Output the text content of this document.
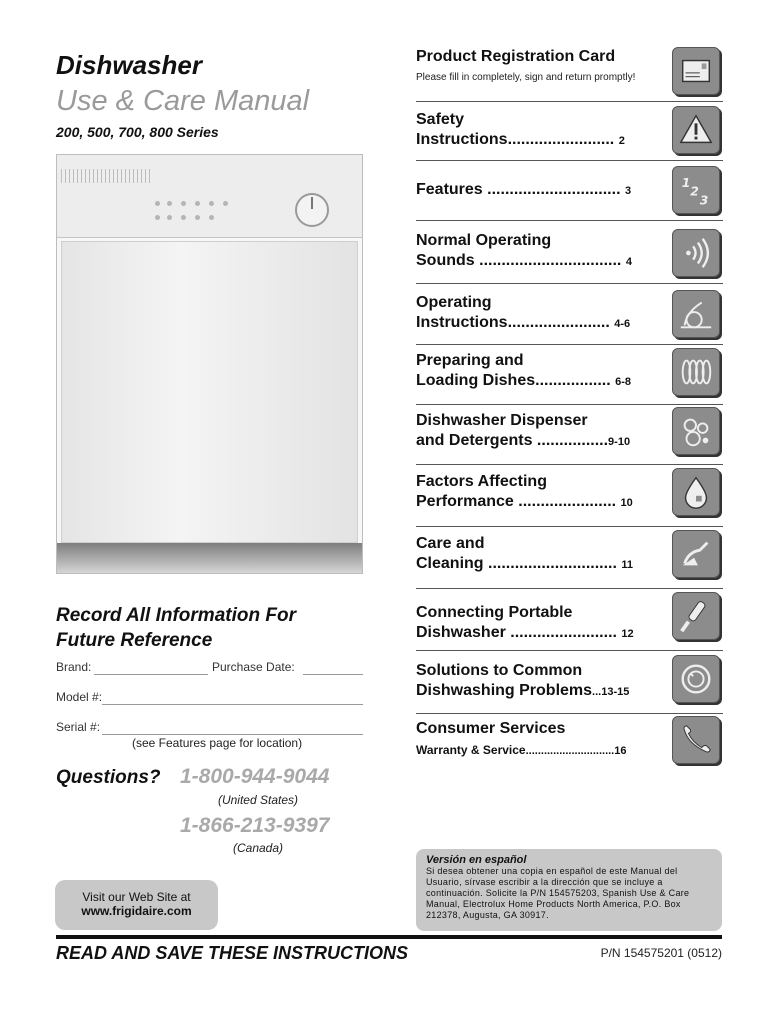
Dishwasher
Use & Care Manual
200, 500, 700, 800 Series
Record All Information For
Future Reference
Brand:	Purchase Date:
Model #:
Serial #:
(see Features page for location)
Questions? 1-800-944-9044
(United States)
1-866-213-9397
(Canada)
Visit our Web Site at
www.frigidaire.com
Product Registration Card
Please fill in completely, sign and return promptly!
Safety
Instructions........................ 2
Features .............................. 3
1
2
3
Normal Operating
Sounds ................................ 4
Operating
Instructions....................... 4-6
Preparing and
Loading Dishes................. 6-8
Dishwasher Dispenser
and Detergents ................9-10
Factors Affecting
Performance ...................... 10
Care and
Cleaning ............................. 11
Connecting Portable
Dishwasher ........................ 12
Solutions to Common
Dishwashing Problems...13-15
Consumer Services
Warranty & Service.............................16
Versión en español
Si desea obtener una copia en español de este Manual del Usuario, sírvase escribir a la dirección que se incluye a continuación. Solicite la P/N 154575203, Spanish Use & Care Manual, Electrolux Home Products North America, P.O. Box 212378, Augusta, GA 30917.
READ AND SAVE THESE INSTRUCTIONS	P/N 154575201 (0512)
